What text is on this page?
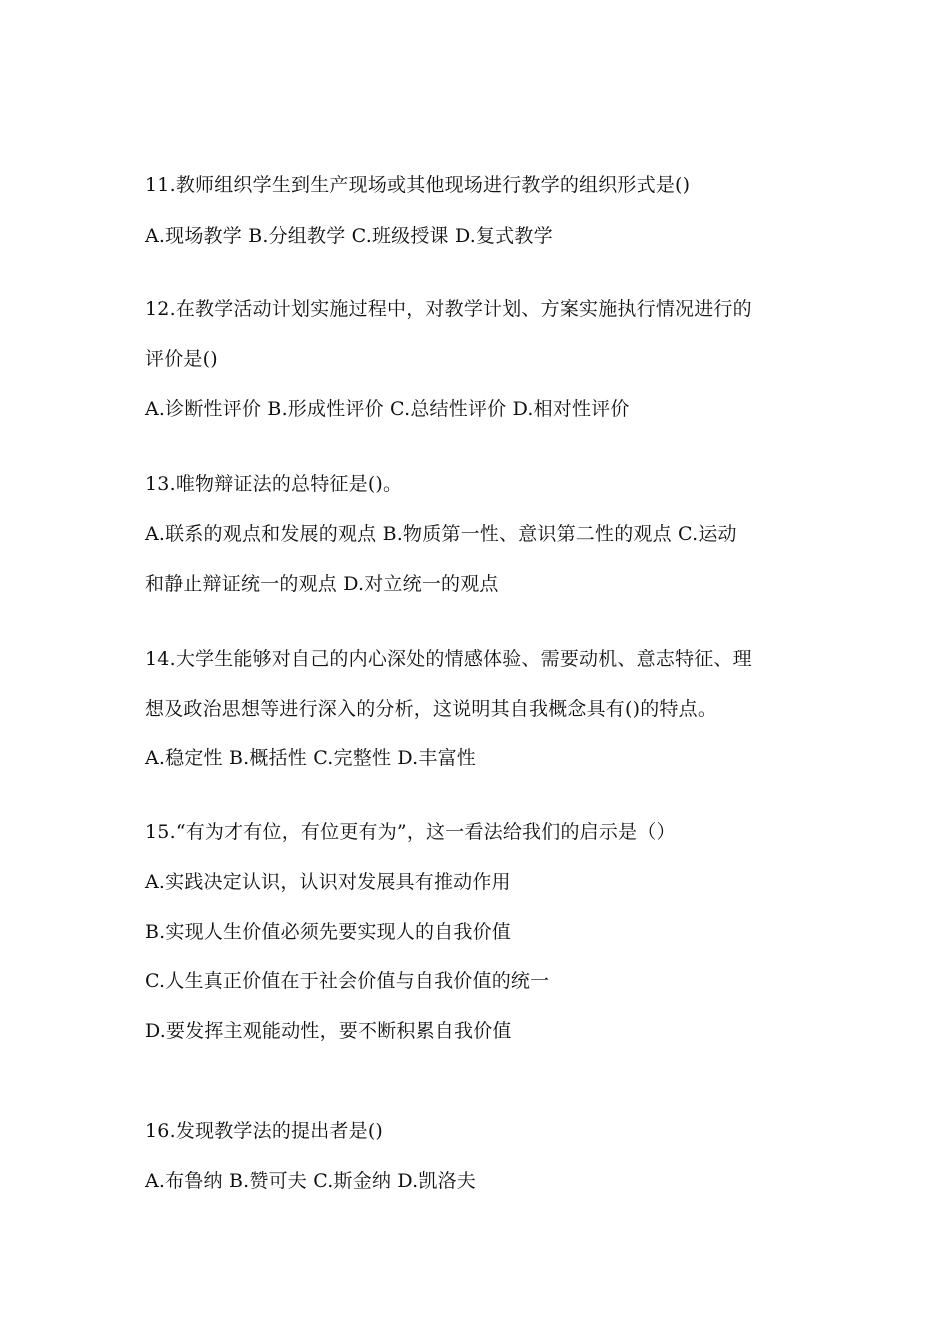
11.教师组织学生到生产现场或其他现场进行教学的组织形式是()
A.现场教学 B.分组教学 C.班级授课 D.复式教学
12.在教学活动计划实施过程中，对教学计划、方案实施执行情况进行的
评价是()
A.诊断性评价 B.形成性评价 C.总结性评价 D.相对性评价
13.唯物辩证法的总特征是()。
A.联系的观点和发展的观点 B.物质第一性、意识第二性的观点 C.运动
和静止辩证统一的观点 D.对立统一的观点
14.大学生能够对自己的内心深处的情感体验、需要动机、意志特征、理
想及政治思想等进行深入的分析，这说明其自我概念具有()的特点。
A.稳定性 B.概括性 C.完整性 D.丰富性
15.“有为才有位，有位更有为”，这一看法给我们的启示是（）
A.实践决定认识，认识对发展具有推动作用
B.实现人生价值必须先要实现人的自我价值
C.人生真正价值在于社会价值与自我价值的统一
D.要发挥主观能动性，要不断积累自我价值
16.发现教学法的提出者是()
A.布鲁纳 B.赞可夫 C.斯金纳 D.凯洛夫
